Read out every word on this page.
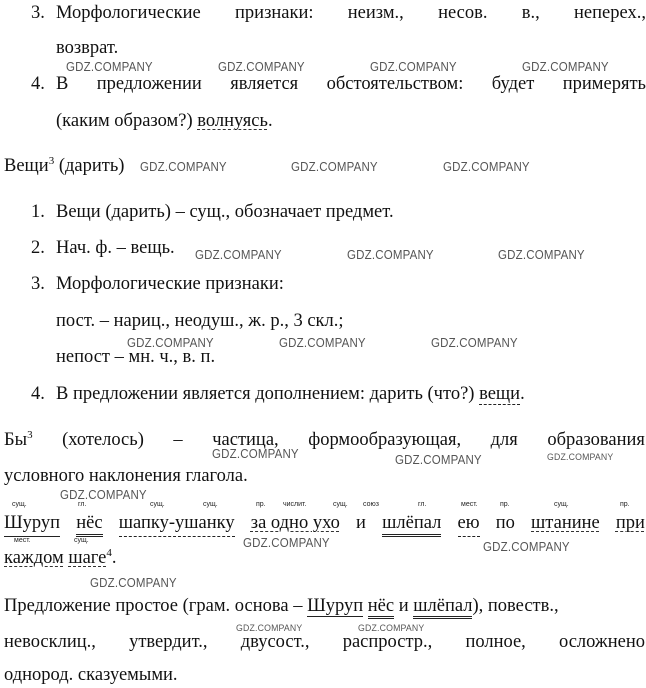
3. Морфологические признаки: неизм., несов. в., неперех.,
возврат.
4. В предложении является обстоятельством: будет примерять
(каким образом?) волнуясь.
Вещи$^3$ (дарить)
1. Вещи (дарить) – сущ., обозначает предмет.
2. Нач. ф. – вещь.
3. Морфологические признаки:
пост. – нариц., неодуш., ж. р., 3 скл.;
непост – мн. ч., в. п.
4. В предложении является дополнением: дарить (что?) вещи.
$Бы^3$ (хотелось) – частица, формообразующая, для образования
условного наклонения глагола.
сущ.	гл.	сущ.	сущ.	пр. числит.	сущ. союз	гл.	мест.	пр.	сущ.	пр.
Шуруп нёс шапку-ушанку за одно ухо и шлёпал ею по штанине при
мест.	сущ.
каждом шаге$^4$.
Предложение простое (грам. основа – Шуруп нёс и шлёпал), повеств.,
невосклиц., утвердит., двусост., распростр., полное, осложнено
однород. сказуемыми.
GDZ.COMPANY	GDZ.COMPANY	GDZ.COMPANY	GDZ.COMPANY
GDZ.COMPANY	GDZ.COMPANY	GDZ.COMPANY
GDZ.COMPANY	GDZ.COMPANY	GDZ.COMPANY
GDZ.COMPANY	GDZ.COMPANY	GDZ.COMPANY
GDZ.COMPANY	GDZ.COMPANY	GDZ.COMPANY
GDZ.COMPANY
GDZ.COMPANY	GDZ.COMPANY
GDZ.COMPANY
GDZ.COMPANY	GDZ.COMPANY
